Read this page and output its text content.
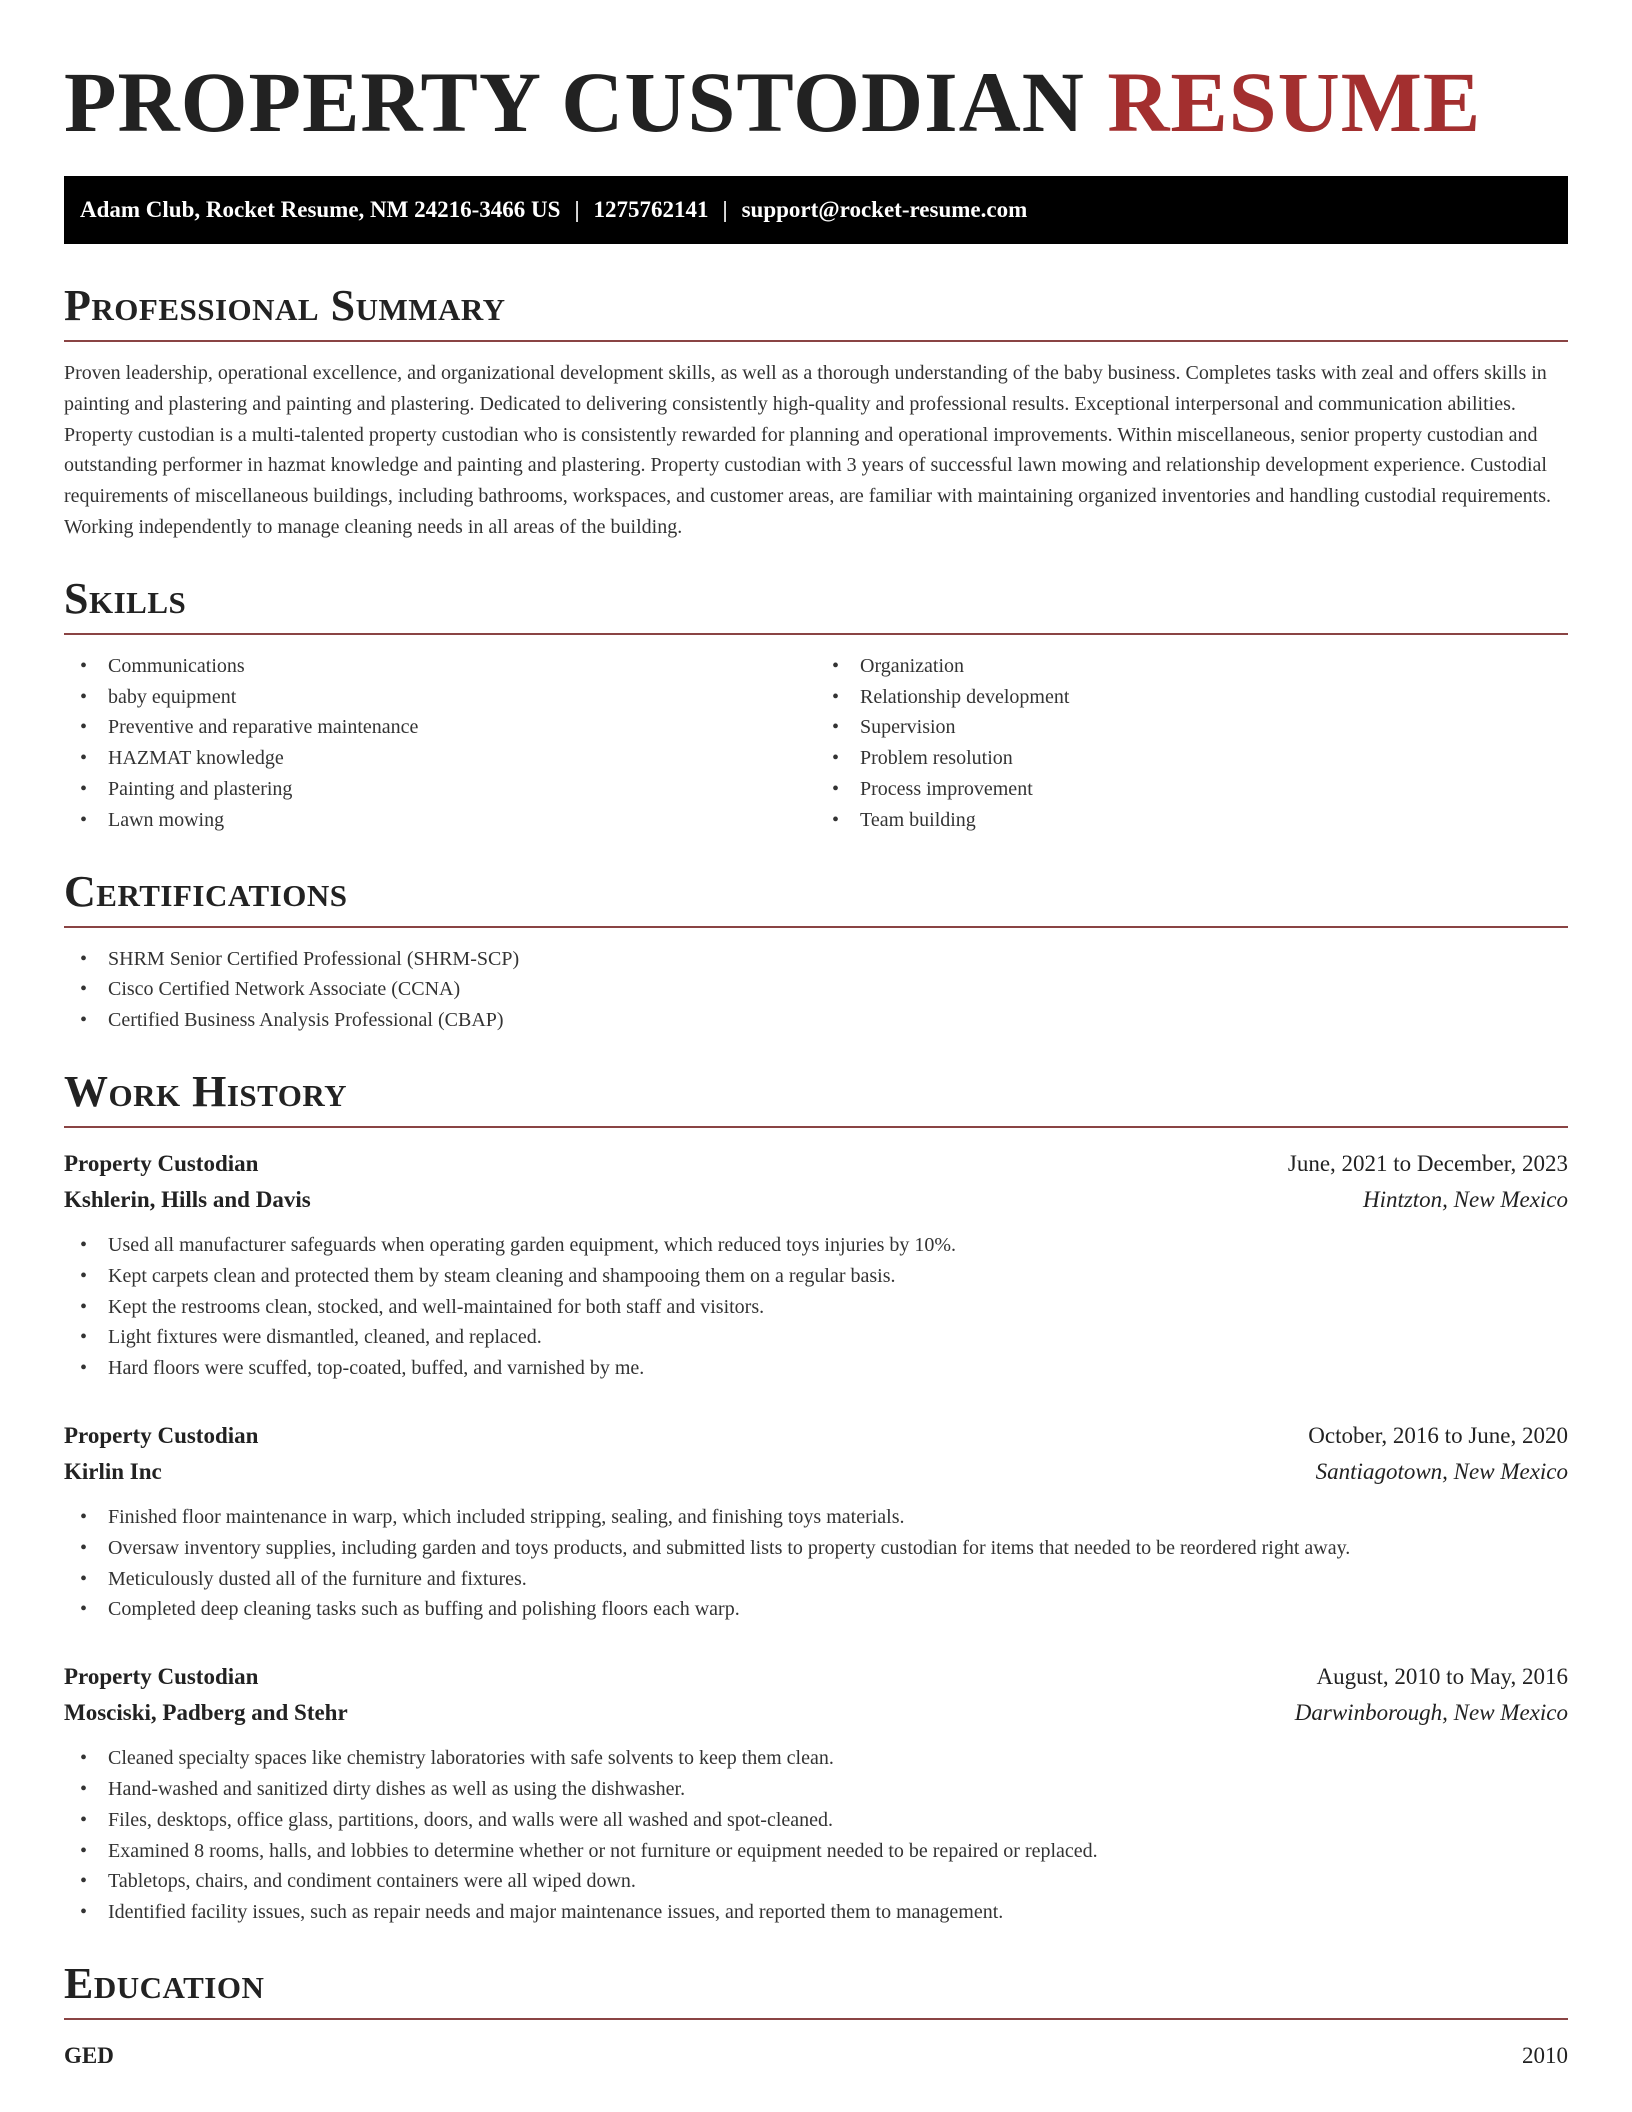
PROPERTY CUSTODIAN RESUME
Adam Club, Rocket Resume, NM 24216-3466 US | 1275762141 | support@rocket-resume.com
Professional Summary

Proven leadership, operational excellence, and organizational development skills, as well as a thorough understanding of the baby business. Completes tasks with zeal and offers skills in painting and plastering and painting and plastering. Dedicated to delivering consistently high-quality and professional results. Exceptional interpersonal and communication abilities. Property custodian is a multi-talented property custodian who is consistently rewarded for planning and operational improvements. Within miscellaneous, senior property custodian and outstanding performer in hazmat knowledge and painting and plastering. Property custodian with 3 years of successful lawn mowing and relationship development experience. Custodial requirements of miscellaneous buildings, including bathrooms, workspaces, and customer areas, are familiar with maintaining organized inventories and handling custodial requirements. Working independently to manage cleaning needs in all areas of the building.

Skills
• Communications
• baby equipment
• Preventive and reparative maintenance
• HAZMAT knowledge
• Painting and plastering
• Lawn mowing
• Organization
• Relationship development
• Supervision
• Problem resolution
• Process improvement
• Team building
Certifications
• SHRM Senior Certified Professional (SHRM-SCP)
• Cisco Certified Network Associate (CCNA)
• Certified Business Analysis Professional (CBAP)
Work History
Property Custodian	June, 2021 to December, 2023
Kshlerin, Hills and Davis	Hintzton, New Mexico
• Used all manufacturer safeguards when operating garden equipment, which reduced toys injuries by 10%.
• Kept carpets clean and protected them by steam cleaning and shampooing them on a regular basis.
• Kept the restrooms clean, stocked, and well-maintained for both staff and visitors.
• Light fixtures were dismantled, cleaned, and replaced.
• Hard floors were scuffed, top-coated, buffed, and varnished by me.
Property Custodian	October, 2016 to June, 2020
Kirlin Inc	Santiagotown, New Mexico
• Finished floor maintenance in warp, which included stripping, sealing, and finishing toys materials.
• Oversaw inventory supplies, including garden and toys products, and submitted lists to property custodian for items that needed to be reordered right away.
• Meticulously dusted all of the furniture and fixtures.
• Completed deep cleaning tasks such as buffing and polishing floors each warp.
Property Custodian	August, 2010 to May, 2016
Mosciski, Padberg and Stehr	Darwinborough, New Mexico
• Cleaned specialty spaces like chemistry laboratories with safe solvents to keep them clean.
• Hand-washed and sanitized dirty dishes as well as using the dishwasher.
• Files, desktops, office glass, partitions, doors, and walls were all washed and spot-cleaned.
• Examined 8 rooms, halls, and lobbies to determine whether or not furniture or equipment needed to be repaired or replaced.
• Tabletops, chairs, and condiment containers were all wiped down.
• Identified facility issues, such as repair needs and major maintenance issues, and reported them to management.
Education
GED	2010
